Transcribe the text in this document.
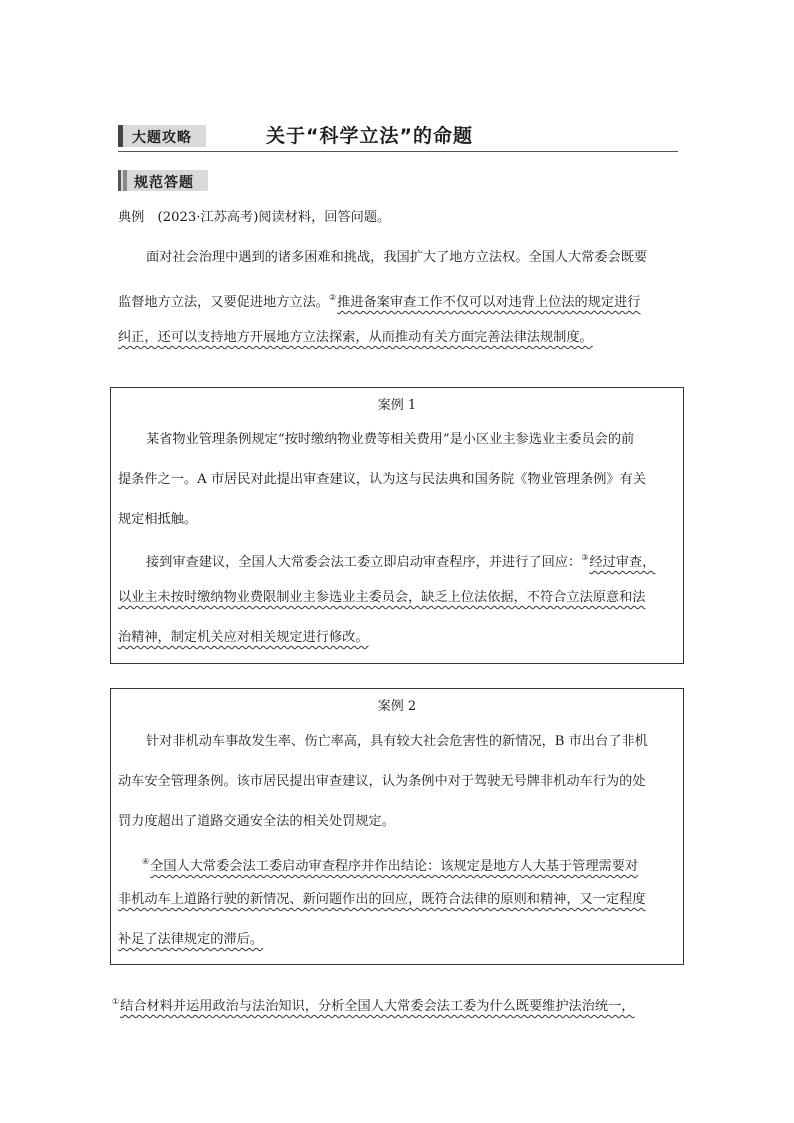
大题攻略	关于“科学立法”的命题
规范答题
典例　(2023·江苏高考)阅读材料，回答问题。
面对社会治理中遇到的诸多困难和挑战，我国扩大了地方立法权。全国人大常委会既要
监督地方立法，又要促进地方立法。②推进备案审查工作不仅可以对违背上位法的规定进行
纠正，还可以支持地方开展地方立法探索，从而推动有关方面完善法律法规制度。
案例 1
某省物业管理条例规定“按时缴纳物业费等相关费用”是小区业主参选业主委员会的前
提条件之一。A 市居民对此提出审查建议，认为这与民法典和国务院《物业管理条例》有关
规定相抵触。
接到审查建议，全国人大常委会法工委立即启动审查程序，并进行了回应：③经过审查，
以业主未按时缴纳物业费限制业主参选业主委员会，缺乏上位法依据，不符合立法原意和法
治精神，制定机关应对相关规定进行修改。
案例 2
针对非机动车事故发生率、伤亡率高，具有较大社会危害性的新情况，B 市出台了非机
动车安全管理条例。该市居民提出审查建议，认为条例中对于驾驶无号牌非机动车行为的处
罚力度超出了道路交通安全法的相关处罚规定。
④全国人大常委会法工委启动审查程序并作出结论：该规定是地方人大基于管理需要对
非机动车上道路行驶的新情况、新问题作出的回应，既符合法律的原则和精神，又一定程度
补足了法律规定的滞后。
①结合材料并运用政治与法治知识，分析全国人大常委会法工委为什么既要维护法治统一，
